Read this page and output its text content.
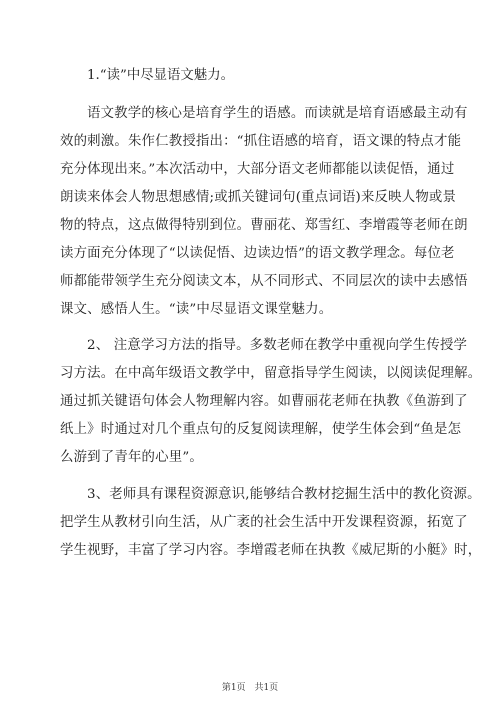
1.“读”中尽显语文魅力。

语文教学的核心是培育学生的语感。而读就是培育语感最主动有
效的刺激。朱作仁教授指出：“抓住语感的培育，语文课的特点才能
充分体现出来。”本次活动中，大部分语文老师都能以读促悟，通过
朗读来体会人物思想感情;或抓关键词句(重点词语)来反映人物或景
物的特点，这点做得特别到位。曹丽花、郑雪红、李增霞等老师在朗
读方面充分体现了“以读促悟、边读边悟”的语文教学理念。每位老
师都能带领学生充分阅读文本，从不同形式、不同层次的读中去感悟
课文、感悟人生。“读”中尽显语文课堂魅力。

2、 注意学习方法的指导。多数老师在教学中重视向学生传授学
习方法。在中高年级语文教学中，留意指导学生阅读，以阅读促理解。
通过抓关键语句体会人物理解内容。如曹丽花老师在执教《鱼游到了
纸上》时通过对几个重点句的反复阅读理解，使学生体会到“鱼是怎
么游到了青年的心里”。

3、老师具有课程资源意识,能够结合教材挖掘生活中的教化资源。
把学生从教材引向生活，从广袤的社会生活中开发课程资源，拓宽了
学生视野，丰富了学习内容。李增霞老师在执教《威尼斯的小艇》时，

第1页 共1页
